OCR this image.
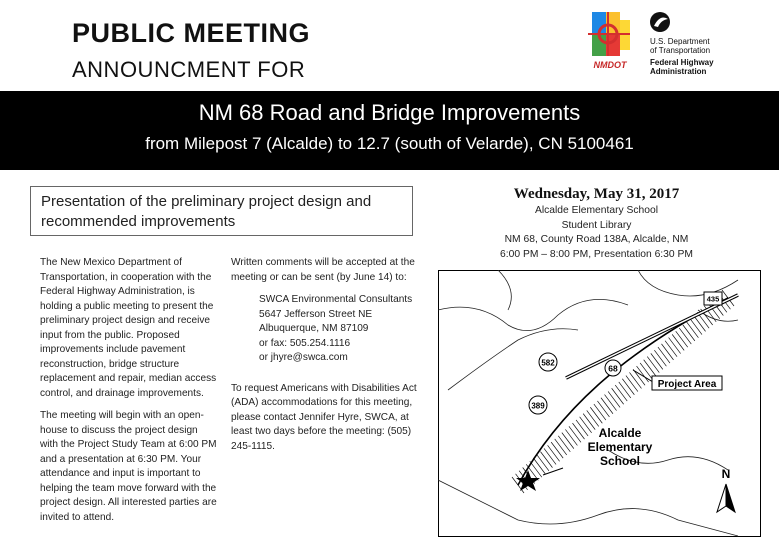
PUBLIC MEETING
ANNOUNCMENT FOR	NMDOT
U.S. Department
of Transportation
Federal Highway
Administration
NM 68 Road and Bridge Improvements
from Milepost 7 (Alcalde) to 12.7 (south of Velarde), CN 5100461
Presentation of the preliminary project design and recommended improvements

The New Mexico Department of Transportation, in cooperation with the Federal Highway Administration, is holding a public meeting to present the preliminary project design and receive input from the public. Proposed improvements include pavement reconstruction, bridge structure replacement and repair, median access control, and drainage improvements.

The meeting will begin with an open-house to discuss the project design with the Project Study Team at 6:00 PM and a presentation at 6:30 PM. Your attendance and input is important to helping the team move forward with the project design. All interested parties are invited to attend.

Written comments will be accepted at the meeting or can be sent (by June 14) to:

SWCA Environmental Consultants
5647 Jefferson Street NE
Albuquerque, NM 87109
or fax: 505.254.1116
or jhyre@swca.com

To request Americans with Disabilities Act (ADA) accommodations for this meeting, please contact Jennifer Hyre, SWCA, at least two days before the meeting: (505) 245-1115.

Wednesday, May 31, 2017
Alcalde Elementary School
Student Library
NM 68, County Road 138A, Alcalde, NM
6:00 PM – 8:00 PM, Presentation 6:30 PM
Project Area
68
582
389
435
Alcalde
Elementary
School
N
